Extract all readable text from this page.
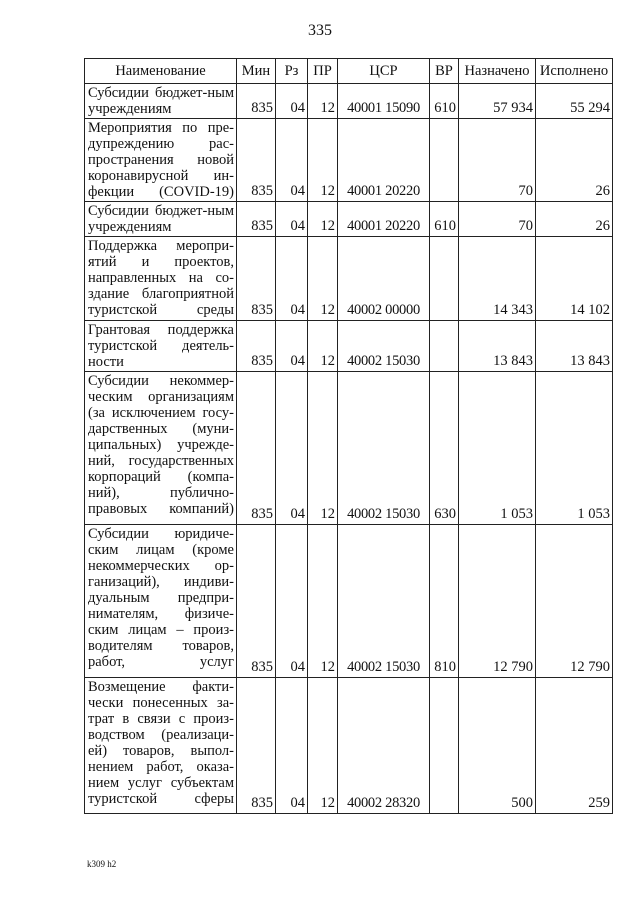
335
Наименование	Мин	Рз	ПР	ЦСР	ВР	Назначено	Исполнено
Субсидии бюджет-ным учреждениям	835	04	12	40001 15090	610	57 934	55 294
Мероприятия по пре-дупреждению рас-пространения новой коронавирусной ин-фекции (COVID-19)	835	04	12	40001 20220		70	26
Субсидии бюджет-ным учреждениям	835	04	12	40001 20220	610	70	26
Поддержка меропри-ятий и проектов, направленных на со-здание благоприятной туристской среды	835	04	12	40002 00000		14 343	14 102
Грантовая поддержка туристской деятель-ности	835	04	12	40002 15030		13 843	13 843
Субсидии некоммер-ческим организациям (за исключением госу-дарственных (муни-ципальных) учрежде-ний, государственных корпораций (компа-ний), публично-правовых компаний)	835	04	12	40002 15030	630	1 053	1 053
Субсидии юридиче-ским лицам (кроме некоммерческих ор-ганизаций), индиви-дуальным предпри-нимателям, физиче-ским лицам – произ-водителям товаров, работ, услуг	835	04	12	40002 15030	810	12 790	12 790
Возмещение факти-чески понесенных за-трат в связи с произ-водством (реализаци-ей) товаров, выпол-нением работ, оказа-нием услуг субъектам туристской сферы	835	04	12	40002 28320		500	259
k309 h2
